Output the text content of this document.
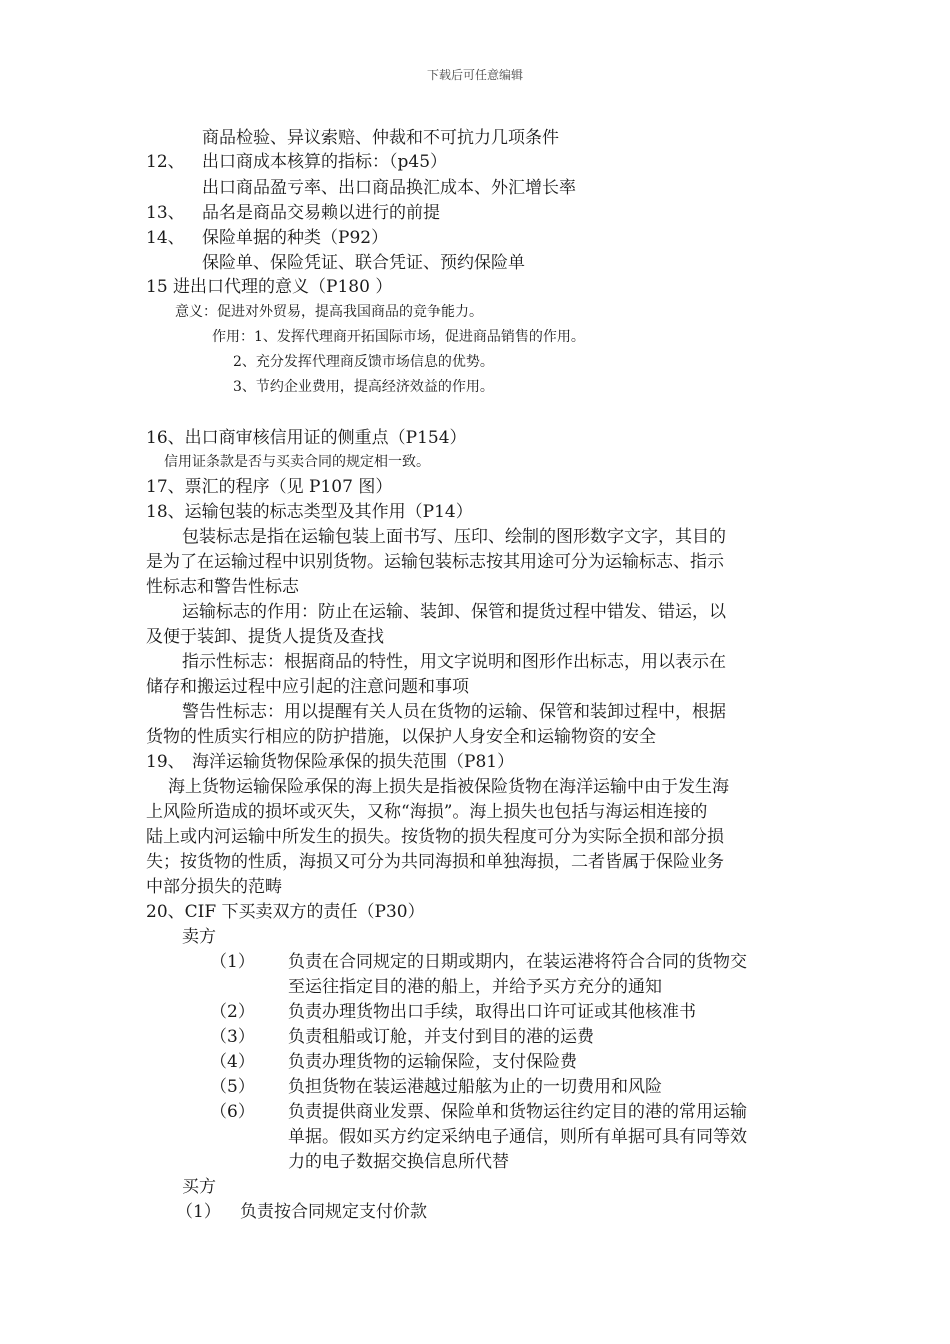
下载后可任意编辑
商品检验、异议索赔、仲裁和不可抗力几项条件
12、 出口商成本核算的指标：（p45）
出口商品盈亏率、出口商品换汇成本、外汇增长率
13、 品名是商品交易赖以进行的前提
14、 保险单据的种类（P92）
保险单、保险凭证、联合凭证、预约保险单
15 进出口代理的意义（P180 ）
意义：促进对外贸易，提高我国商品的竞争能力。
作用：1、发挥代理商开拓国际市场，促进商品销售的作用。
2、充分发挥代理商反馈市场信息的优势。
3、节约企业费用，提高经济效益的作用。
16、出口商审核信用证的侧重点（P154）
信用证条款是否与买卖合同的规定相一致。
17、票汇的程序（见 P107 图）
18、运输包装的标志类型及其作用（P14）
包装标志是指在运输包装上面书写、压印、绘制的图形数字文字，其目的
是为了在运输过程中识别货物。运输包装标志按其用途可分为运输标志、指示
性标志和警告性标志
运输标志的作用：防止在运输、装卸、保管和提货过程中错发、错运，以
及便于装卸、提货人提货及查找
指示性标志：根据商品的特性，用文字说明和图形作出标志，用以表示在
储存和搬运过程中应引起的注意问题和事项
警告性标志：用以提醒有关人员在货物的运输、保管和装卸过程中，根据
货物的性质实行相应的防护措施，以保护人身安全和运输物资的安全
19、 海洋运输货物保险承保的损失范围（P81）
海上货物运输保险承保的海上损失是指被保险货物在海洋运输中由于发生海
上风险所造成的损坏或灭失，又称“海损”。海上损失也包括与海运相连接的
陆上或内河运输中所发生的损失。按货物的损失程度可分为实际全损和部分损
失；按货物的性质，海损又可分为共同海损和单独海损，二者皆属于保险业务
中部分损失的范畴
20、CIF 下买卖双方的责任（P30）
卖方
（1） 负责在合同规定的日期或期内，在装运港将符合合同的货物交
至运往指定目的港的船上，并给予买方充分的通知
（2） 负责办理货物出口手续，取得出口许可证或其他核准书
（3） 负责租船或订舱，并支付到目的港的运费
（4） 负责办理货物的运输保险，支付保险费
（5） 负担货物在装运港越过船舷为止的一切费用和风险
（6） 负责提供商业发票、保险单和货物运往约定目的港的常用运输
单据。假如买方约定采纳电子通信，则所有单据可具有同等效
力的电子数据交换信息所代替
买方
（1） 负责按合同规定支付价款
